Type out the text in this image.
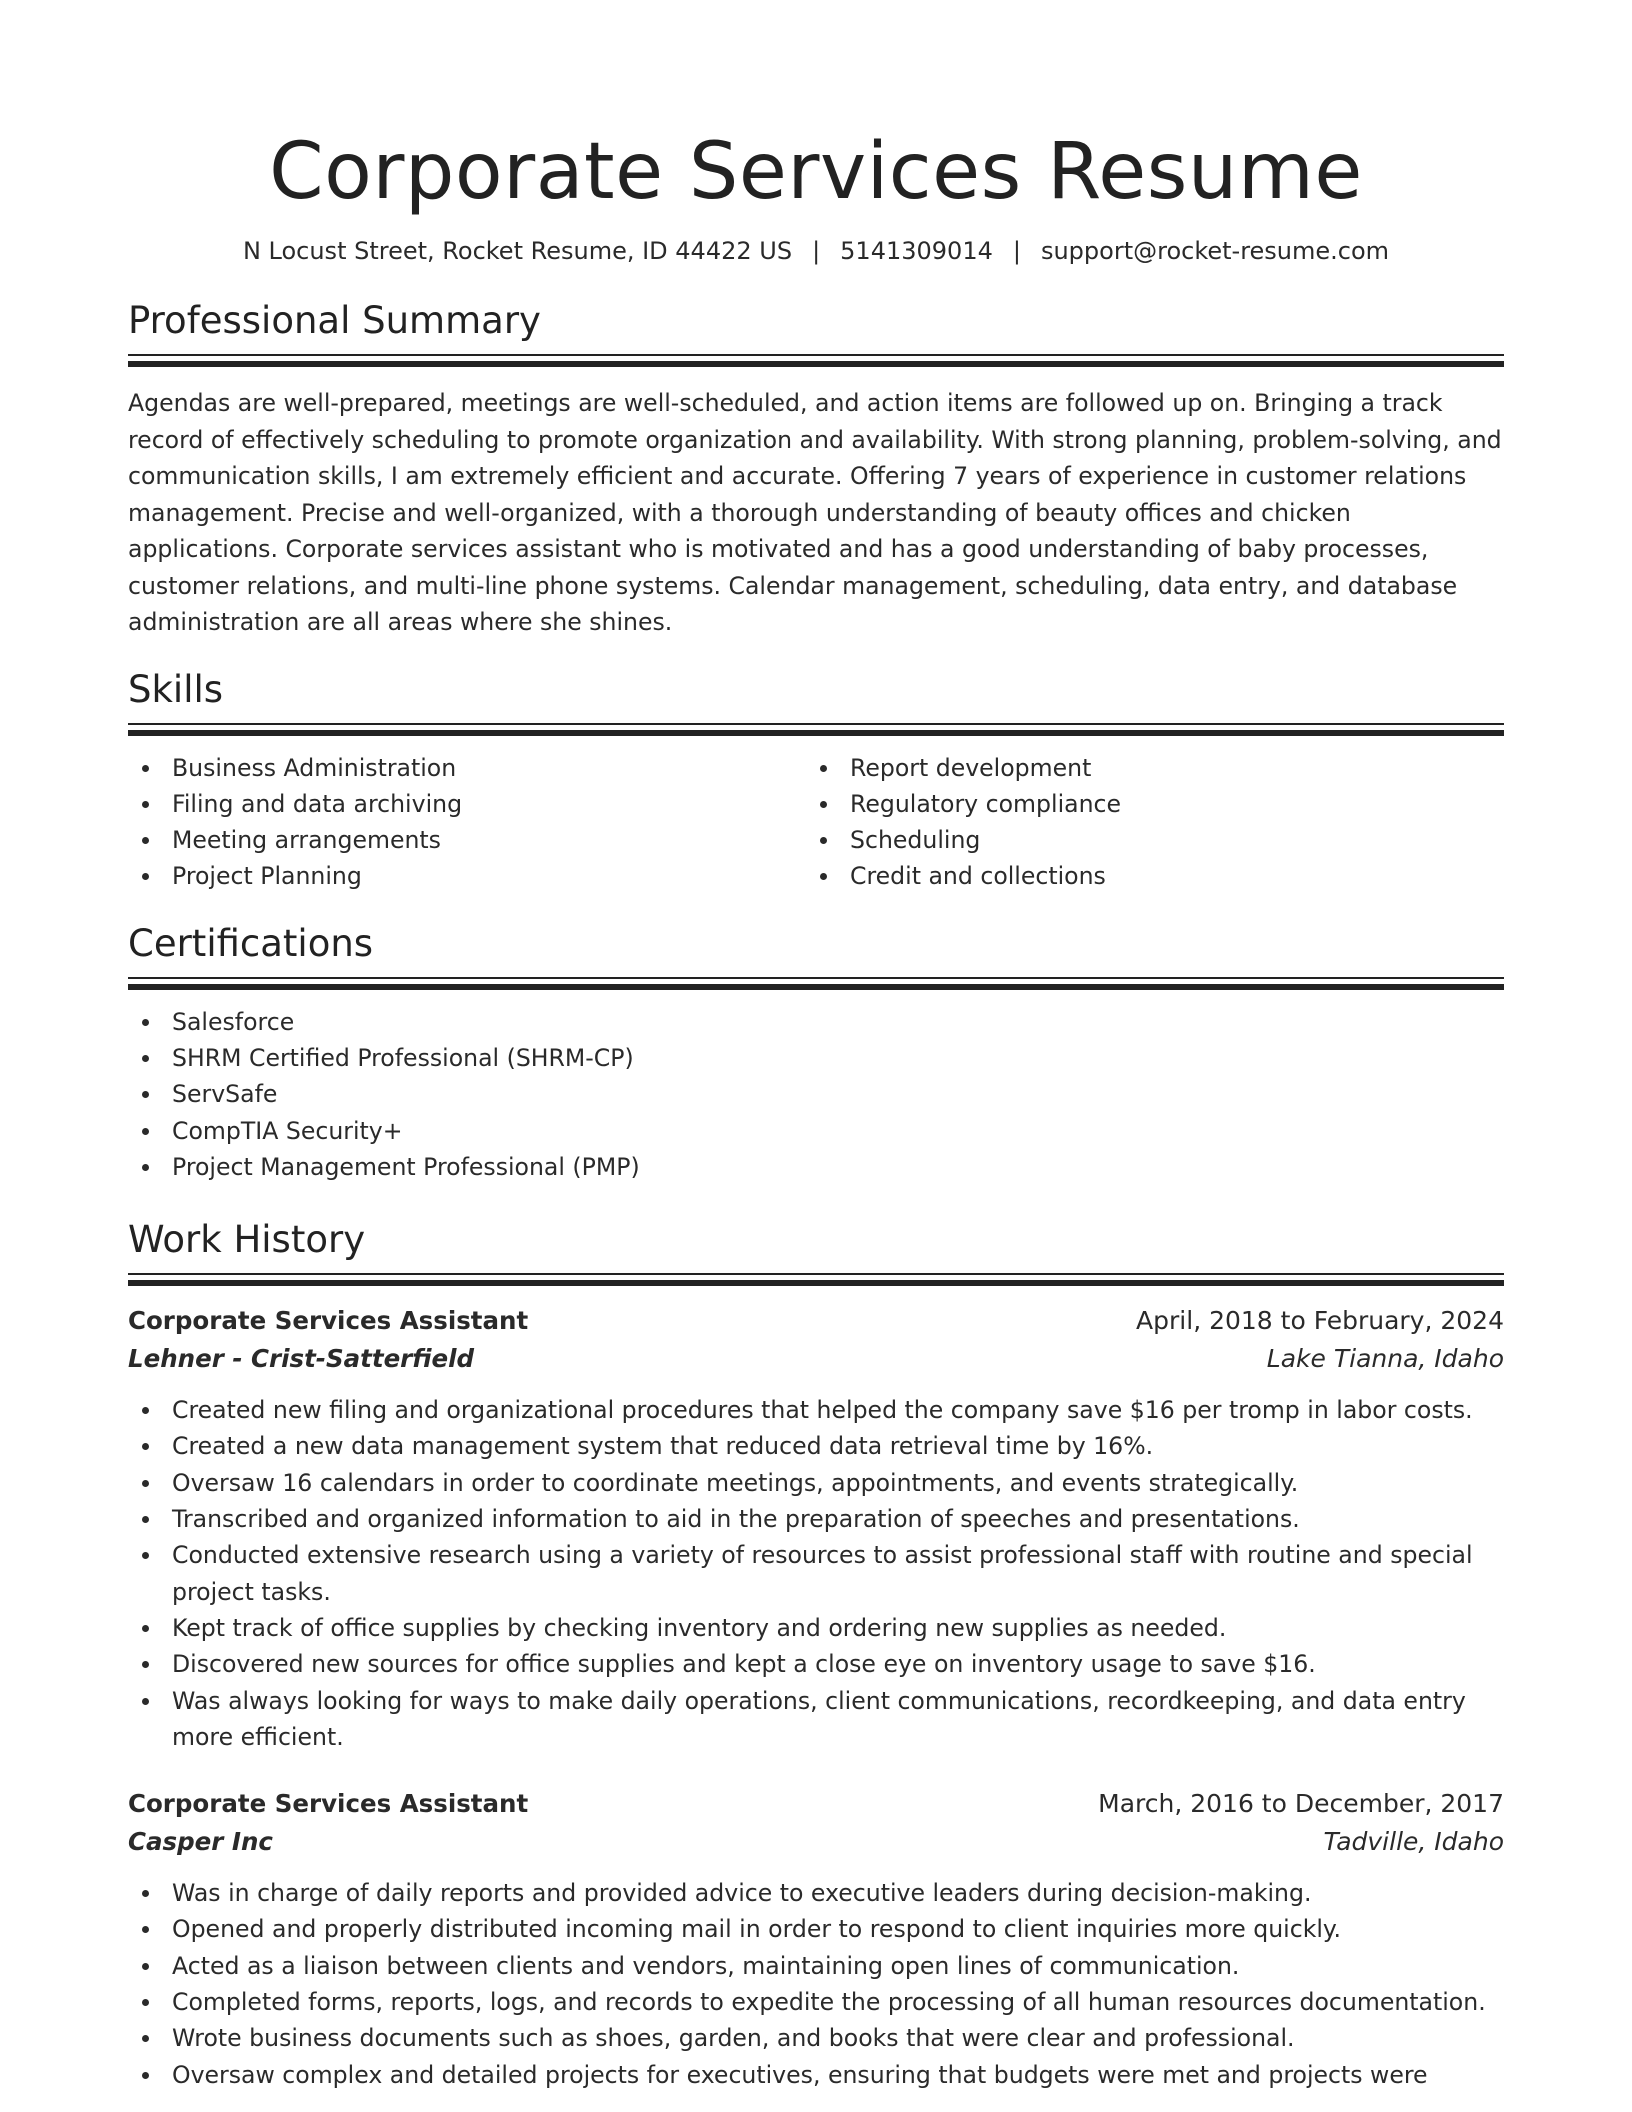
Corporate Services Resume
N Locust Street, Rocket Resume, ID 44422 US | 5141309014 | support@rocket-resume.com
Professional Summary
Agendas are well-prepared, meetings are well-scheduled, and action items are followed up on. Bringing a track record of effectively scheduling to promote organization and availability. With strong planning, problem-solving, and communication skills, I am extremely efficient and accurate. Offering 7 years of experience in customer relations management. Precise and well-organized, with a thorough understanding of beauty offices and chicken applications. Corporate services assistant who is motivated and has a good understanding of baby processes, customer relations, and multi-line phone systems. Calendar management, scheduling, data entry, and database administration are all areas where she shines.
Skills
Business Administration
Filing and data archiving
Meeting arrangements
Project Planning
Report development
Regulatory compliance
Scheduling
Credit and collections
Certifications
Salesforce
SHRM Certified Professional (SHRM-CP)
ServSafe
CompTIA Security+
Project Management Professional (PMP)
Work History
Corporate Services Assistant	April, 2018 to February, 2024
Lehner - Crist-Satterfield	Lake Tianna, Idaho
Created new filing and organizational procedures that helped the company save $16 per tromp in labor costs.
Created a new data management system that reduced data retrieval time by 16%.
Oversaw 16 calendars in order to coordinate meetings, appointments, and events strategically.
Transcribed and organized information to aid in the preparation of speeches and presentations.
Conducted extensive research using a variety of resources to assist professional staff with routine and special project tasks.
Kept track of office supplies by checking inventory and ordering new supplies as needed.
Discovered new sources for office supplies and kept a close eye on inventory usage to save $16.
Was always looking for ways to make daily operations, client communications, recordkeeping, and data entry more efficient.
Corporate Services Assistant	March, 2016 to December, 2017
Casper Inc	Tadville, Idaho
Was in charge of daily reports and provided advice to executive leaders during decision-making.
Opened and properly distributed incoming mail in order to respond to client inquiries more quickly.
Acted as a liaison between clients and vendors, maintaining open lines of communication.
Completed forms, reports, logs, and records to expedite the processing of all human resources documentation.
Wrote business documents such as shoes, garden, and books that were clear and professional.
Oversaw complex and detailed projects for executives, ensuring that budgets were met and projects were
